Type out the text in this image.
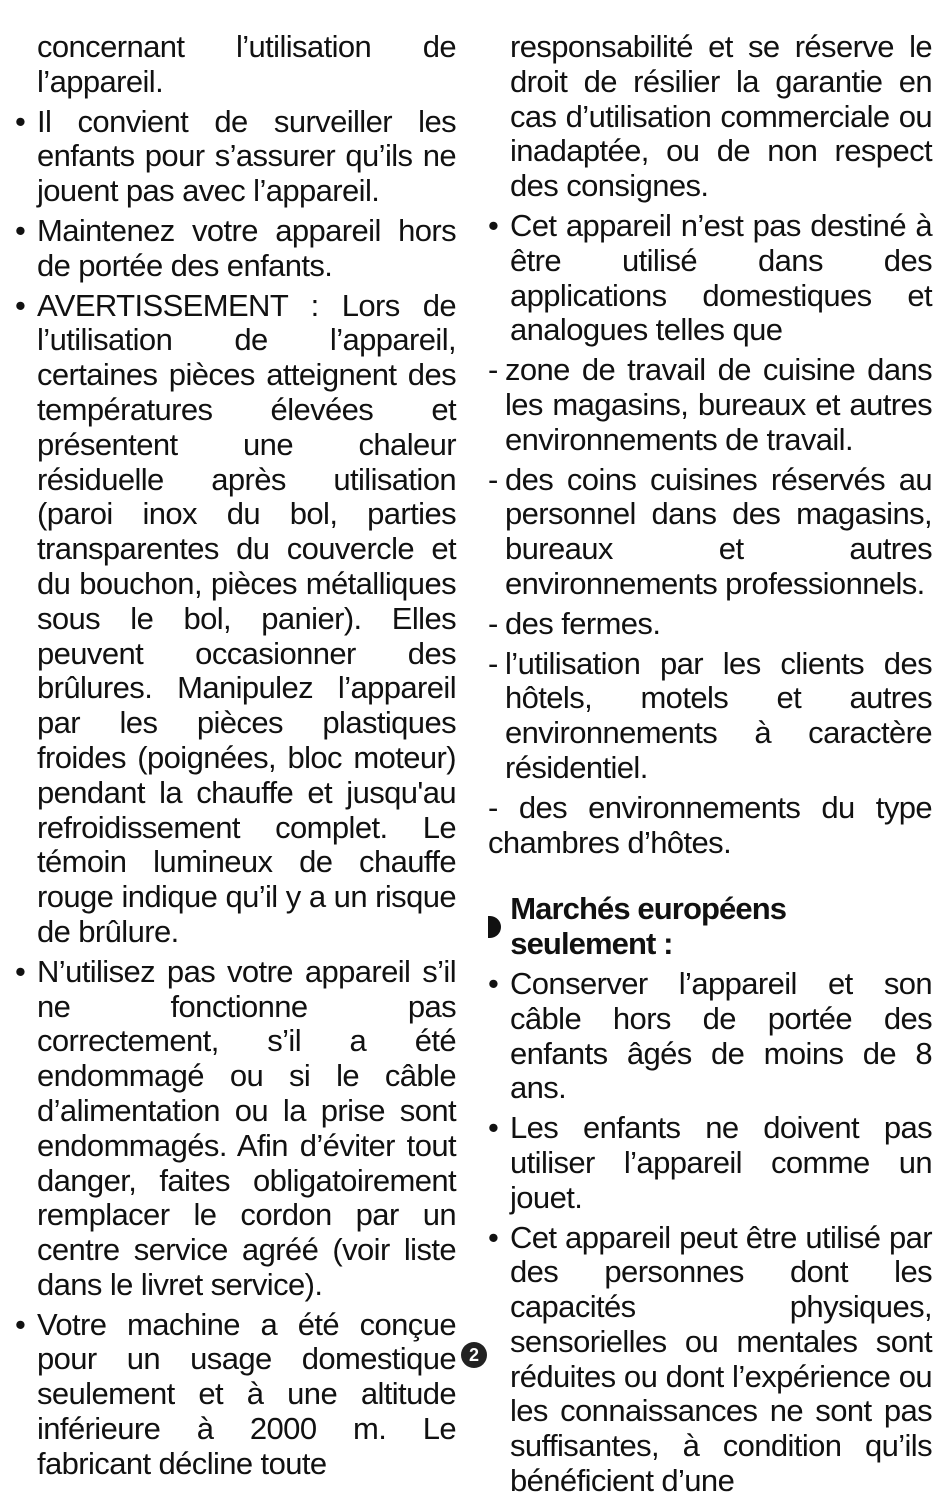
concernant l’utilisation de l’appareil.

• Il convient de surveiller les enfants pour s’assurer qu’ils ne jouent pas avec l’appareil.
• Maintenez votre appareil hors de portée des enfants.
• AVERTISSEMENT : Lors de l’utilisation de l’appareil, certaines pièces atteignent des températures élevées et présentent une chaleur résiduelle après utilisation (paroi inox du bol, parties transparentes du couvercle et du bouchon, pièces métalliques sous le bol, panier). Elles peuvent occasionner des brûlures. Manipulez l’appareil par les pièces plastiques froides (poignées, bloc moteur) pendant la chauffe et jusqu'au refroidissement complet. Le témoin lumineux de chauffe rouge indique qu’il y a un risque de brûlure.
• N’utilisez pas votre appareil s’il ne fonctionne pas correctement, s’il a été endommagé ou si le câble d’alimentation ou la prise sont endommagés. Afin d’éviter tout danger, faites obligatoirement remplacer le cordon par un centre service agréé (voir liste dans le livret service).
• Votre machine a été conçue pour un usage domestique seulement et à une altitude inférieure à 2000 m. Le fabricant décline toute

responsabilité et se réserve le droit de résilier la garantie en cas d’utilisation commerciale ou inadaptée, ou de non respect des consignes.

• Cet appareil n’est pas destiné à être utilisé dans des applications domestiques et analogues telles que
- zone de travail de cuisine dans les magasins, bureaux et autres environnements de travail.
- des coins cuisines réservés au personnel dans des magasins, bureaux et autres environnements professionnels.
- des fermes.
- l’utilisation par les clients des hôtels, motels et autres environnements à caractère résidentiel.

- des environnements du type chambres d’hôtes.

Marchés européens seulement :
• Conserver l’appareil et son câble hors de portée des enfants âgés de moins de 8 ans.
• Les enfants ne doivent pas utiliser l’appareil comme un jouet.
• Cet appareil peut être utilisé par des personnes dont les capacités physiques, sensorielles ou mentales sont réduites ou dont l’expérience ou les connaissances ne sont pas suffisantes, à condition qu’ils bénéficient d’une
2
